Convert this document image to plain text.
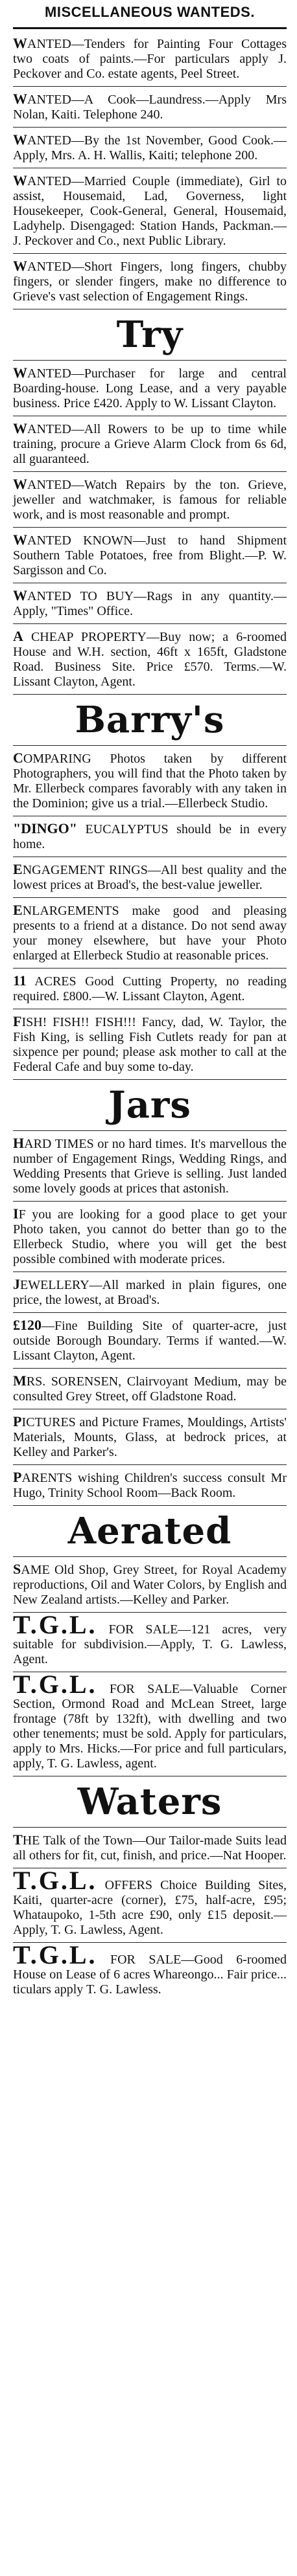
MISCELLANEOUS WANTEDS.
WANTED—Tenders for Painting Four Cottages two coats of paints.—For particulars apply J. Peckover and Co. estate agents, Peel Street.
WANTED—A Cook—Laundress.—Apply Mrs Nolan, Kaiti. Telephone 240.
WANTED—By the 1st November, Good Cook.—Apply, Mrs. A. H. Wallis, Kaiti; telephone 200.
WANTED—Married Couple (immediate), Girl to assist, Housemaid, Lad, Governess, light Housekeeper, Cook-General, General, Housemaid, Ladyhelp. Disengaged: Station Hands, Packman.—J. Peckover and Co., next Public Library.
WANTED—Short Fingers, long fingers, chubby fingers, or slender fingers, make no difference to Grieve's vast selection of Engagement Rings.
Try
WANTED—Purchaser for large and central Boarding-house. Long Lease, and a very payable business. Price £420. Apply to W. Lissant Clayton.
WANTED—All Rowers to be up to time while training, procure a Grieve Alarm Clock from 6s 6d, all guaranteed.
WANTED—Watch Repairs by the ton. Grieve, jeweller and watchmaker, is famous for reliable work, and is most reasonable and prompt.
WANTED KNOWN—Just to hand Shipment Southern Table Potatoes, free from Blight.—P. W. Sargisson and Co.
WANTED TO BUY—Rags in any quantity.—Apply, "Times" Office.
A CHEAP PROPERTY—Buy now; a 6-roomed House and W.H. section, 46ft x 165ft, Gladstone Road. Business Site. Price £570. Terms.—W. Lissant Clayton, Agent.
Barry's
COMPARING Photos taken by different Photographers, you will find that the Photo taken by Mr. Ellerbeck compares favorably with any taken in the Dominion; give us a trial.—Ellerbeck Studio.
"DINGO" EUCALYPTUS should be in every home.
ENGAGEMENT RINGS—All best quality and the lowest prices at Broad's, the best-value jeweller.
ENLARGEMENTS make good and pleasing presents to a friend at a distance. Do not send away your money elsewhere, but have your Photo enlarged at Ellerbeck Studio at reasonable prices.
11 ACRES Good Cutting Property, no reading required. £800.—W. Lissant Clayton, Agent.
FISH! FISH!! FISH!!! Fancy, dad, W. Taylor, the Fish King, is selling Fish Cutlets ready for pan at sixpence per pound; please ask mother to call at the Federal Cafe and buy some to-day.
Jars
HARD TIMES or no hard times. It's marvellous the number of Engagement Rings, Wedding Rings, and Wedding Presents that Grieve is selling. Just landed some lovely goods at prices that astonish.
IF you are looking for a good place to get your Photo taken, you cannot do better than go to the Ellerbeck Studio, where you will get the best possible combined with moderate prices.
JEWELLERY—All marked in plain figures, one price, the lowest, at Broad's.
£120—Fine Building Site of quarter-acre, just outside Borough Boundary. Terms if wanted.—W. Lissant Clayton, Agent.
MRS. SORENSEN, Clairvoyant Medium, may be consulted Grey Street, off Gladstone Road.
PICTURES and Picture Frames, Mouldings, Artists' Materials, Mounts, Glass, at bedrock prices, at Kelley and Parker's.
PARENTS wishing Children's success consult Mr Hugo, Trinity School Room—Back Room.
Aerated
SAME Old Shop, Grey Street, for Royal Academy reproductions, Oil and Water Colors, by English and New Zealand artists.—Kelley and Parker.
T.G.L. FOR SALE—121 acres, very suitable for subdivision.—Apply, T. G. Lawless, Agent.
T.G.L. FOR SALE—Valuable Corner Section, Ormond Road and McLean Street, large frontage (78ft by 132ft), with dwelling and two other tenements; must be sold. Apply for particulars, apply to Mrs. Hicks.—For price and full particulars, apply, T. G. Lawless, agent.
Waters
THE Talk of the Town—Our Tailor-made Suits lead all others for fit, cut, finish, and price.—Nat Hooper.
T.G.L. OFFERS Choice Building Sites, Kaiti, quarter-acre (corner), £75, half-acre, £95; Whataupoko, 1-5th acre £90, only £15 deposit.—Apply, T. G. Lawless, Agent.
T.G.L. FOR SALE—Good 6-roomed House on Lease of 6 acres Whareongo... Fair price... ticulars apply T. G. Lawless.
